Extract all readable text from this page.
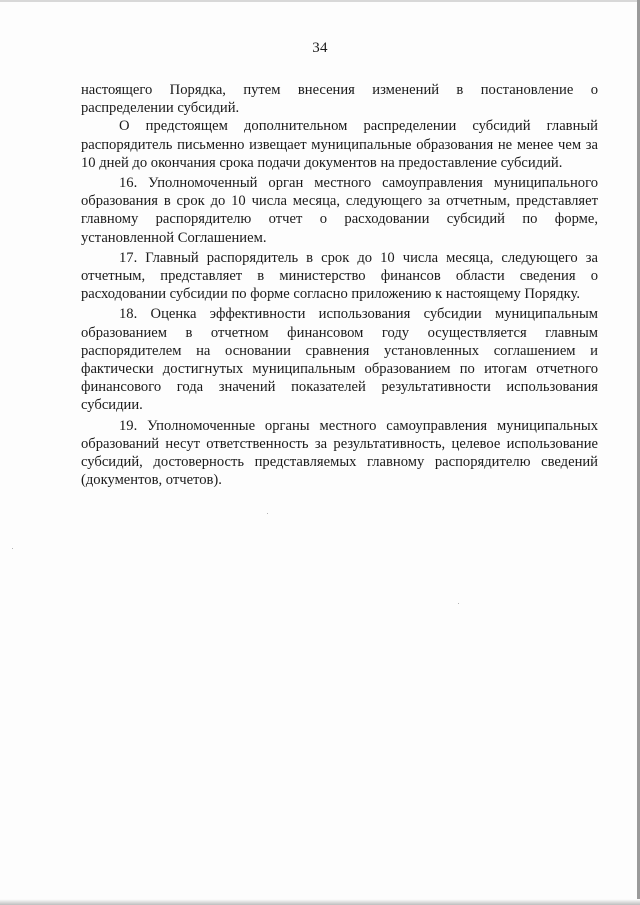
34

настоящего Порядка, путем внесения изменений в постановление о распределении субсидий.

О предстоящем дополнительном распределении субсидий главный распорядитель письменно извещает муниципальные образования не менее чем за 10 дней до окончания срока подачи документов на предоставление субсидий.

16. Уполномоченный орган местного самоуправления муниципального образования в срок до 10 числа месяца, следующего за отчетным, представляет главному распорядителю отчет о расходовании субсидий по форме, установленной Соглашением.

17. Главный распорядитель в срок до 10 числа месяца, следующего за отчетным, представляет в министерство финансов области сведения о расходовании субсидии по форме согласно приложению к настоящему Порядку.

18. Оценка эффективности использования субсидии муниципальным образованием в отчетном финансовом году осуществляется главным распорядителем на основании сравнения установленных соглашением и фактически достигнутых муниципальным образованием по итогам отчетного финансового года значений показателей результативности использования субсидии.

19. Уполномоченные органы местного самоуправления муниципальных образований несут ответственность за результативность, целевое использование субсидий, достоверность представляемых главному распорядителю сведений (документов, отчетов).
